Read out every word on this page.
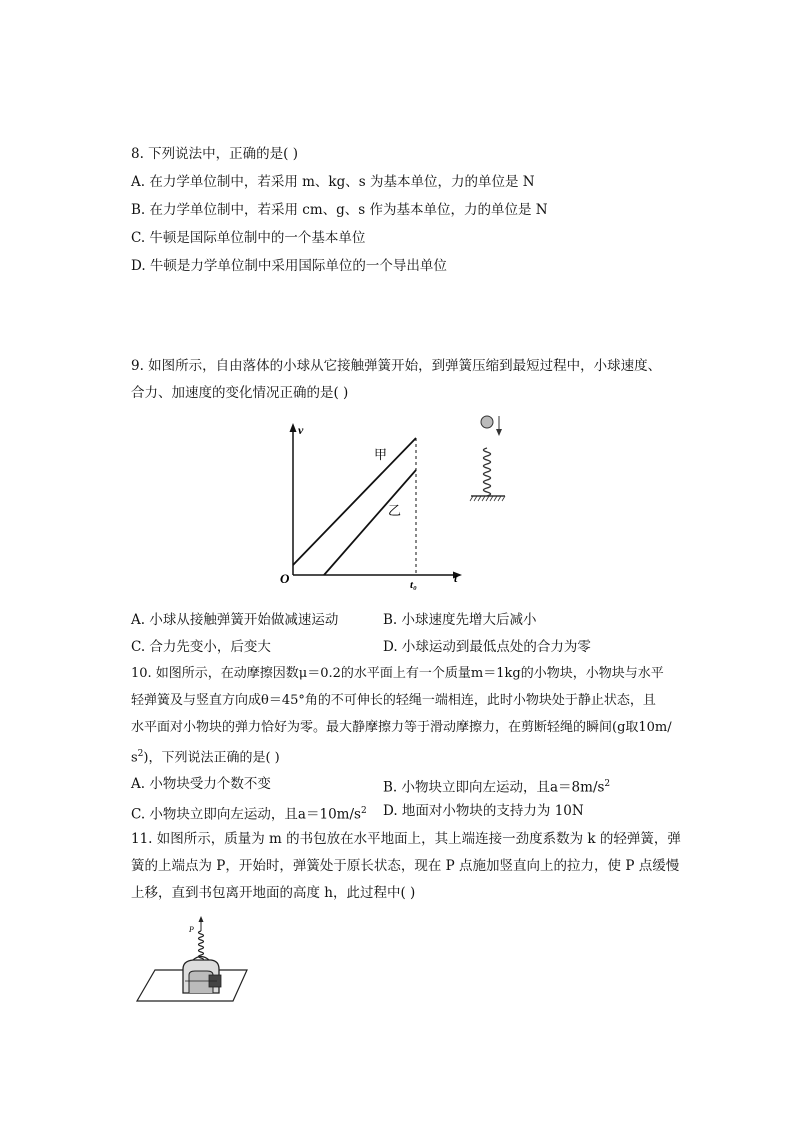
8. 下列说法中，正确的是( )
A. 在力学单位制中，若采用 m、kg、s 为基本单位，力的单位是 N
B. 在力学单位制中，若采用 cm、g、s 作为基本单位，力的单位是 N
C. 牛顿是国际单位制中的一个基本单位
D. 牛顿是力学单位制中采用国际单位的一个导出单位
9. 如图所示，自由落体的小球从它接触弹簧开始，到弹簧压缩到最短过程中，小球速度、
合力、加速度的变化情况正确的是( )
v
t
O	t₀
甲
乙
A. 小球从接触弹簧开始做减速运动	B. 小球速度先增大后减小
C. 合力先变小，后变大	D. 小球运动到最低点处的合力为零
10. 如图所示，在动摩擦因数μ＝0.2的水平面上有一个质量m＝1kg的小物块，小物块与水平
轻弹簧及与竖直方向成θ＝45°角的不可伸长的轻绳一端相连，此时小物块处于静止状态，且
水平面对小物块的弹力恰好为零。最大静摩擦力等于滑动摩擦力，在剪断轻绳的瞬间(g取10m/
$s^2$)，下列说法正确的是( )
A. 小物块受力个数不变	B. 小物块立即向左运动，且$a=8m/s^2$
C. 小物块立即向左运动，且$a=10m/s^2$ D. 地面对小物块的支持力为 10N
11. 如图所示，质量为 m 的书包放在水平地面上，其上端连接一劲度系数为 k 的轻弹簧，弹
簧的上端点为 P，开始时，弹簧处于原长状态，现在 P 点施加竖直向上的拉力，使 P 点缓慢
上移，直到书包离开地面的高度 h，此过程中( )
P
